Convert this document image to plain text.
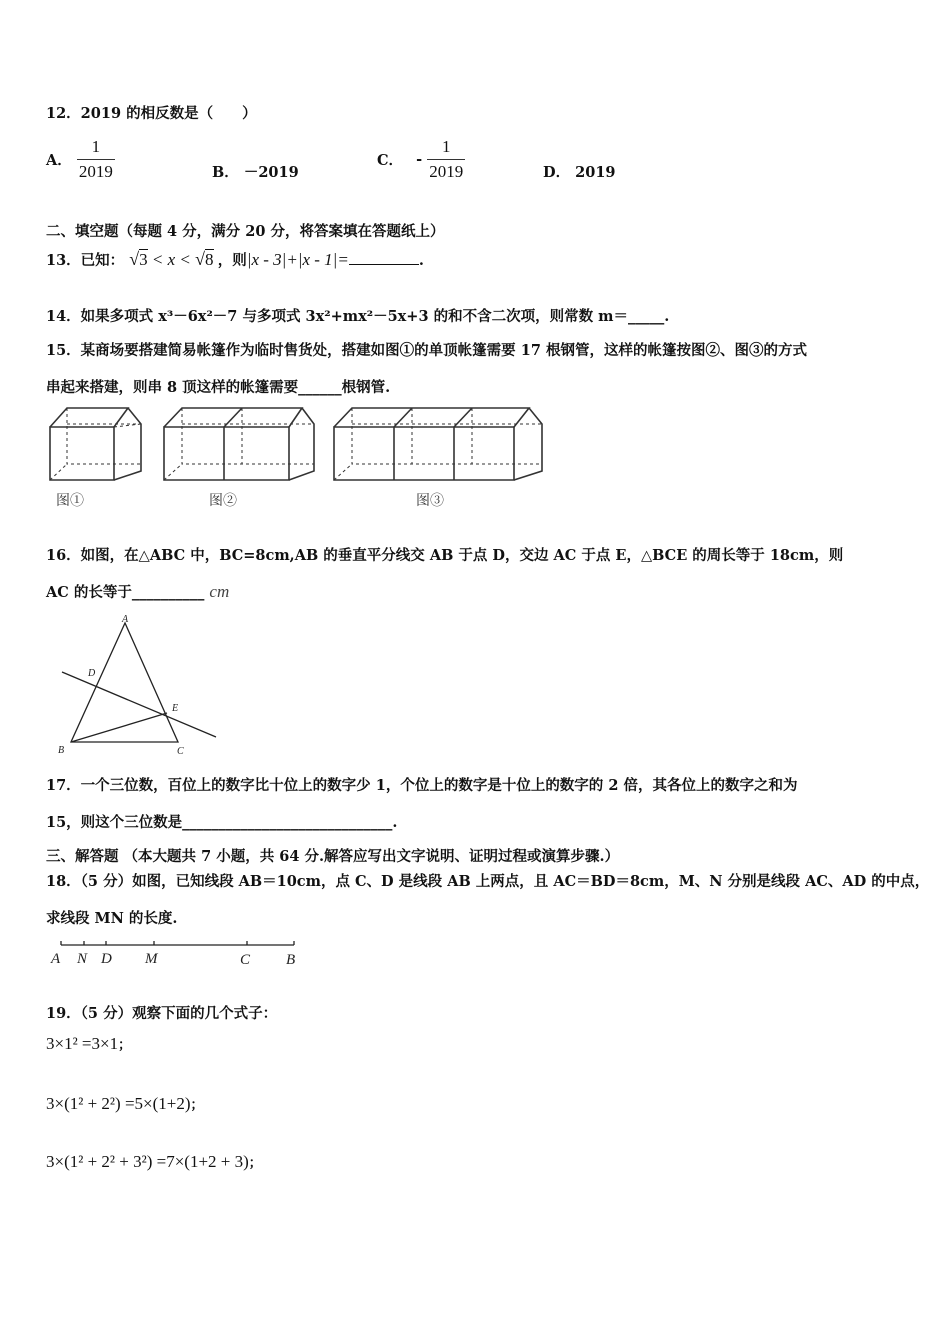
12．2019 的相反数是（　　）
A． $\frac{1}{2019}$	B． －2019
C． - $\frac{1}{2019}$	D． 2019
二、填空题（每题 4 分，满分 20 分，将答案填在答题纸上）
13．已知： √3 < x < √8 ，则|x - 3|+|x - 1|=	.
14．如果多项式 x³－6x²－7 与多项式 3x²+mx²－5x+3 的和不含二次项，则常数 m＝_____.
15．某商场要搭建简易帐篷作为临时售货处，搭建如图①的单顶帐篷需要 17 根钢管，这样的帐篷按图②、图③的方式
串起来搭建，则串 8 顶这样的帐篷需要______根钢管.
图①	图②	图③
16．如图，在△ABC 中，BC=8cm,AB 的垂直平分线交 AB 于点 D，交边 AC 于点 E，△BCE 的周长等于 18cm，则
AC 的长等于__________ cm
A
D
E
B	C
17．一个三位数，百位上的数字比十位上的数字少 1，个位上的数字是十位上的数字的 2 倍，其各位上的数字之和为
15，则这个三位数是_____________________________.
三、解答题 （本大题共 7 小题，共 64 分.解答应写出文字说明、证明过程或演算步骤.）
18．（5 分）如图，已知线段 AB＝10cm，点 C、D 是线段 AB 上两点，且 AC＝BD＝8cm，M、N 分别是线段 AC、AD 的中点，
求线段 MN 的长度.
A N D M	C B
19．（5 分）观察下面的几个式子：
3×1² =3×1；
3×(1² + 2²) =5×(1+2)；
3×(1² + 2² + 3²) =7×(1+2 + 3)；
